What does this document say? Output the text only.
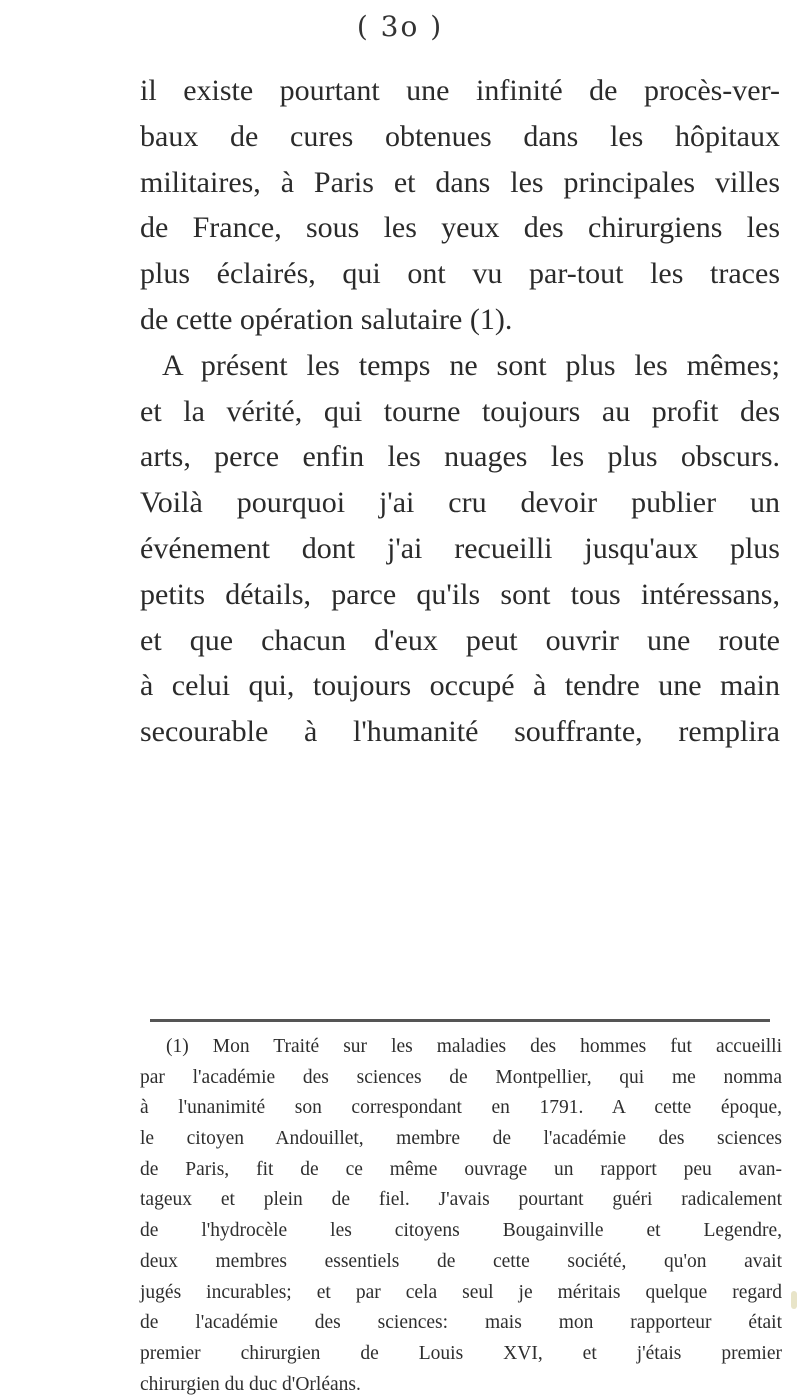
( 3o )
il existe pourtant une infinité de procès-ver-
baux de cures obtenues dans les hôpitaux
militaires, à Paris et dans les principales villes
de France, sous les yeux des chirurgiens les
plus éclairés, qui ont vu par-tout les traces
de cette opération salutaire (1).
A présent les temps ne sont plus les mêmes;
et la vérité, qui tourne toujours au profit des
arts, perce enfin les nuages les plus obscurs.
Voilà pourquoi j'ai cru devoir publier un
événement dont j'ai recueilli jusqu'aux plus
petits détails, parce qu'ils sont tous intéressans,
et que chacun d'eux peut ouvrir une route
à celui qui, toujours occupé à tendre une main
secourable à l'humanité souffrante, remplira
(1) Mon Traité sur les maladies des hommes fut accueilli
par l'académie des sciences de Montpellier, qui me nomma
à l'unanimité son correspondant en 1791. A cette époque,
le citoyen Andouillet, membre de l'académie des sciences
de Paris, fit de ce même ouvrage un rapport peu avan-
tageux et plein de fiel. J'avais pourtant guéri radicalement
de l'hydrocèle les citoyens Bougainville et Legendre,
deux membres essentiels de cette société, qu'on avait
jugés incurables; et par cela seul je méritais quelque regard
de l'académie des sciences: mais mon rapporteur était
premier chirurgien de Louis XVI, et j'étais premier
chirurgien du duc d'Orléans.
